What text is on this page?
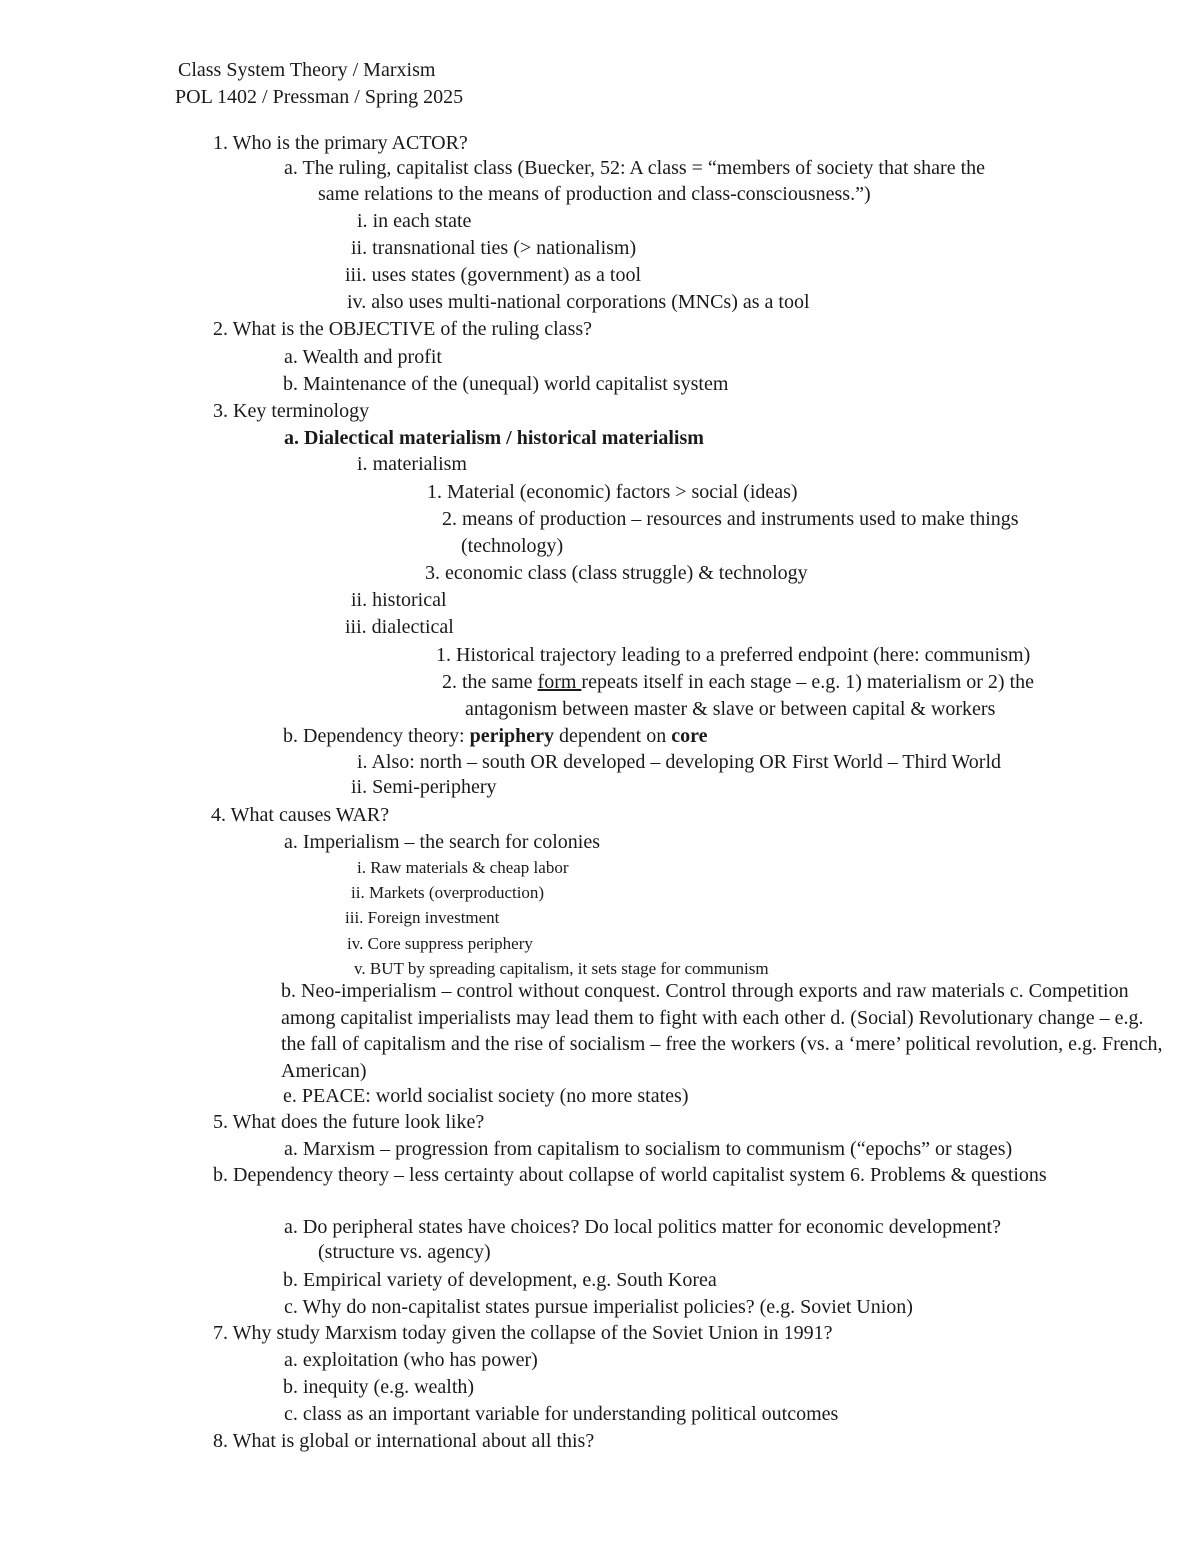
Class System Theory / Marxism
POL 1402 / Pressman / Spring 2025
1. Who is the primary ACTOR?
a. The ruling, capitalist class (Buecker, 52: A class = “members of society that share the
same relations to the means of production and class-consciousness.”)
i. in each state
ii. transnational ties (> nationalism)
iii. uses states (government) as a tool
iv. also uses multi-national corporations (MNCs) as a tool
2. What is the OBJECTIVE of the ruling class?
a. Wealth and profit
b. Maintenance of the (unequal) world capitalist system
3. Key terminology
a. Dialectical materialism / historical materialism
i. materialism
1. Material (economic) factors > social (ideas)
2. means of production – resources and instruments used to make things
(technology)
3. economic class (class struggle) & technology
ii. historical
iii. dialectical
1. Historical trajectory leading to a preferred endpoint (here: communism)
2. the same form repeats itself in each stage – e.g. 1) materialism or 2) the
antagonism between master & slave or between capital & workers
b. Dependency theory: periphery dependent on core
i. Also: north – south OR developed – developing OR First World – Third World
ii. Semi-periphery
4. What causes WAR?
a. Imperialism – the search for colonies
i. Raw materials & cheap labor
ii. Markets (overproduction)
iii. Foreign investment
iv. Core suppress periphery
v. BUT by spreading capitalism, it sets stage for communism
b. Neo-imperialism – control without conquest. Control through exports and raw materials c. Competition among capitalist imperialists may lead them to fight with each other d. (Social) Revolutionary change – e.g. the fall of capitalism and the rise of socialism – free the workers (vs. a ‘mere’ political revolution, e.g. French, American)
e. PEACE: world socialist society (no more states)
5. What does the future look like?
a. Marxism – progression from capitalism to socialism to communism (“epochs” or stages)
b. Dependency theory – less certainty about collapse of world capitalist system 6. Problems & questions
a. Do peripheral states have choices? Do local politics matter for economic development?
(structure vs. agency)
b. Empirical variety of development, e.g. South Korea
c. Why do non-capitalist states pursue imperialist policies? (e.g. Soviet Union)
7. Why study Marxism today given the collapse of the Soviet Union in 1991?
a. exploitation (who has power)
b. inequity (e.g. wealth)
c. class as an important variable for understanding political outcomes
8. What is global or international about all this?
